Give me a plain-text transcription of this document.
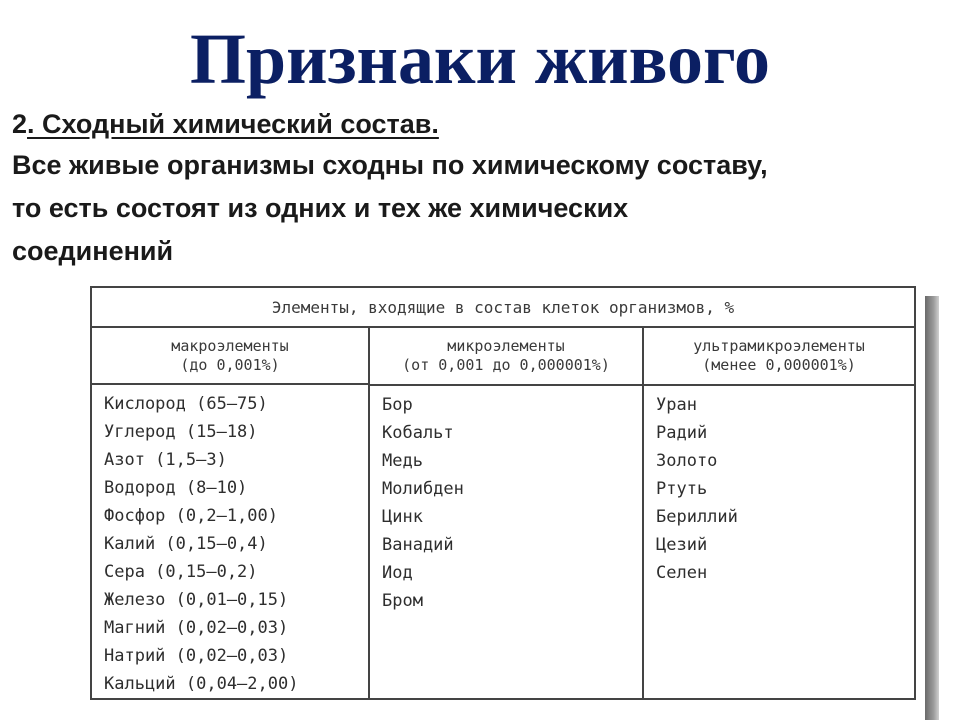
Признаки живого

2. Сходный химический состав.

Все живые организмы сходны по химическому составу,
то есть состоят из одних и тех же химических
соединений

Элементы, входящие в состав клеток организмов, %
макроэлементы
(до 0,001%)
Кислород (65—75)
Углерод (15—18)
Азот (1,5—3)
Водород (8—10)
Фосфор (0,2—1,00)
Калий (0,15—0,4)
Сера (0,15—0,2)
Железо (0,01—0,15)
Магний (0,02—0,03)
Натрий (0,02—0,03)
Кальций (0,04—2,00)
микроэлементы
(от 0,001 до 0,000001%)
Бор
Кобальт
Медь
Молибден
Цинк
Ванадий
Иод
Бром
ультрамикроэлементы
(менее 0,000001%)
Уран
Радий
Золото
Ртуть
Бериллий
Цезий
Селен
